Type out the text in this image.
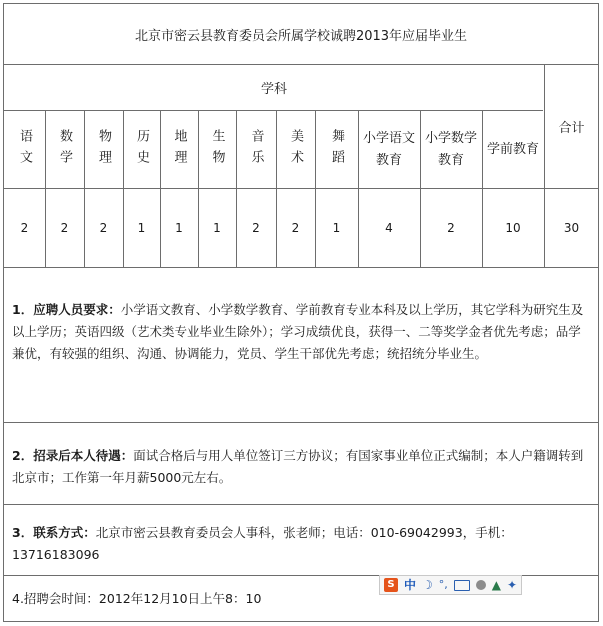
北京市密云县教育委员会所属学校诚聘2013年应届毕业生
学科
合计
1．应聘人员要求：小学语文教育、小学数学教育、学前教育专业本科及以上学历，其它学科为研究生及以上学历；英语四级（艺术类专业毕业生除外）；学习成绩优良，获得一、二等奖学金者优先考虑；品学兼优，有较强的组织、沟通、协调能力，党员、学生干部优先考虑；统招统分毕业生。
2．招录后本人待遇：面试合格后与用人单位签订三方协议；有国家事业单位正式编制；本人户籍调转到北京市；工作第一年月薪5000元左右。
3．联系方式：北京市密云县教育委员会人事科，张老师；电话：010-69042993，手机：13716183096
4.招聘会时间：2012年12月10日上午8：10
语文
2
数学
2
物理
2
历史
1
地理
1
生物
1
音乐
2
美术
2
舞蹈
1
小学语文教育
4
小学数学教育
2
学前教育
10	30
S 中 ☽ °,	▲ ✦
